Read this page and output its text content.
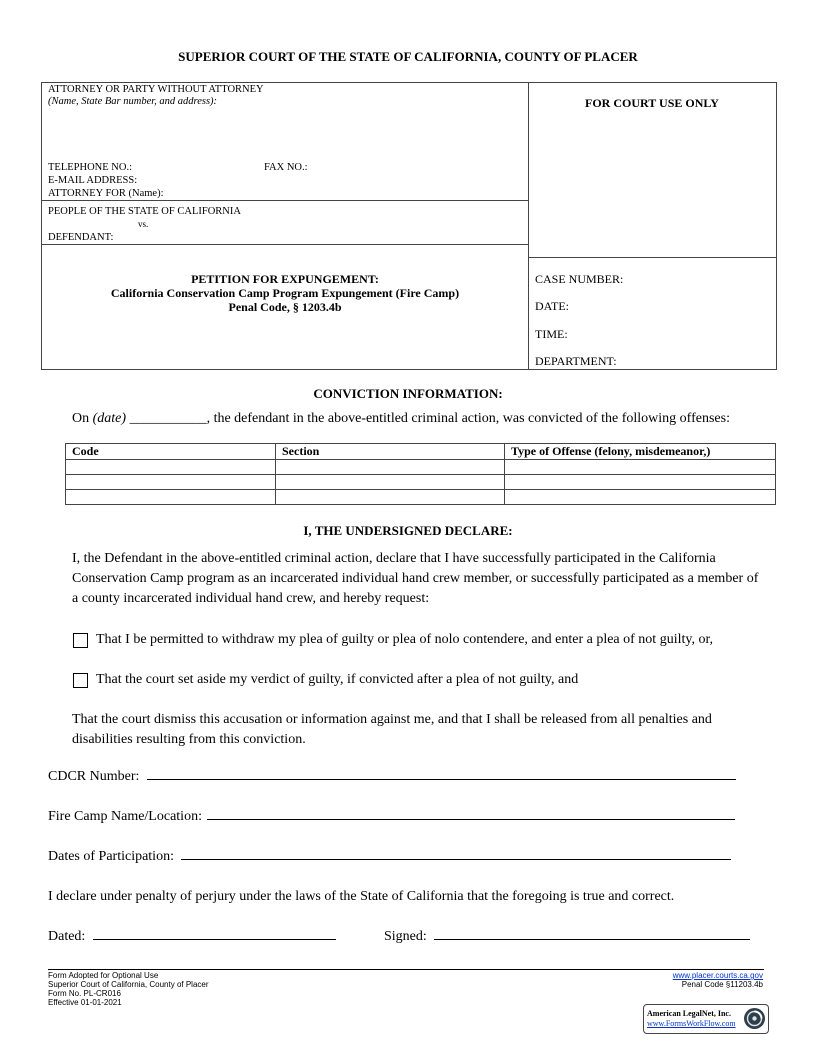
SUPERIOR COURT OF THE STATE OF CALIFORNIA, COUNTY OF PLACER
ATTORNEY OR PARTY WITHOUT ATTORNEY
(Name, State Bar number, and address):
TELEPHONE NO.:	FAX NO.:
E-MAIL ADDRESS:
ATTORNEY FOR (Name):
PEOPLE OF THE STATE OF CALIFORNIA
vs.
DEFENDANT:
FOR COURT USE ONLY
PETITION FOR EXPUNGEMENT:
California Conservation Camp Program Expungement (Fire Camp)
Penal Code, § 1203.4b
CASE NUMBER:
DATE:
TIME:
DEPARTMENT:
CONVICTION INFORMATION:
On (date) ___________, the defendant in the above-entitled criminal action, was convicted of the following offenses:
Code	Section	Type of Offense (felony, misdemeanor,)

I, THE UNDERSIGNED DECLARE:
I, the Defendant in the above-entitled criminal action, declare that I have successfully participated in the California Conservation Camp program as an incarcerated individual hand crew member, or successfully participated as a member of a county incarcerated individual hand crew, and hereby request:
That I be permitted to withdraw my plea of guilty or plea of nolo contendere, and enter a plea of not guilty, or,
That the court set aside my verdict of guilty, if convicted after a plea of not guilty, and
That the court dismiss this accusation or information against me, and that I shall be released from all penalties and disabilities resulting from this conviction.
CDCR Number:
Fire Camp Name/Location:
Dates of Participation:
I declare under penalty of perjury under the laws of the State of California that the foregoing is true and correct.
Dated:	Signed:
Form Adopted for Optional Use
Superior Court of California, County of Placer
Form No. PL-CR016
Effective 01-01-2021
www.placer.courts.ca.gov
Penal Code §11203.4b
American LegalNet, Inc.
www.FormsWorkFlow.com
